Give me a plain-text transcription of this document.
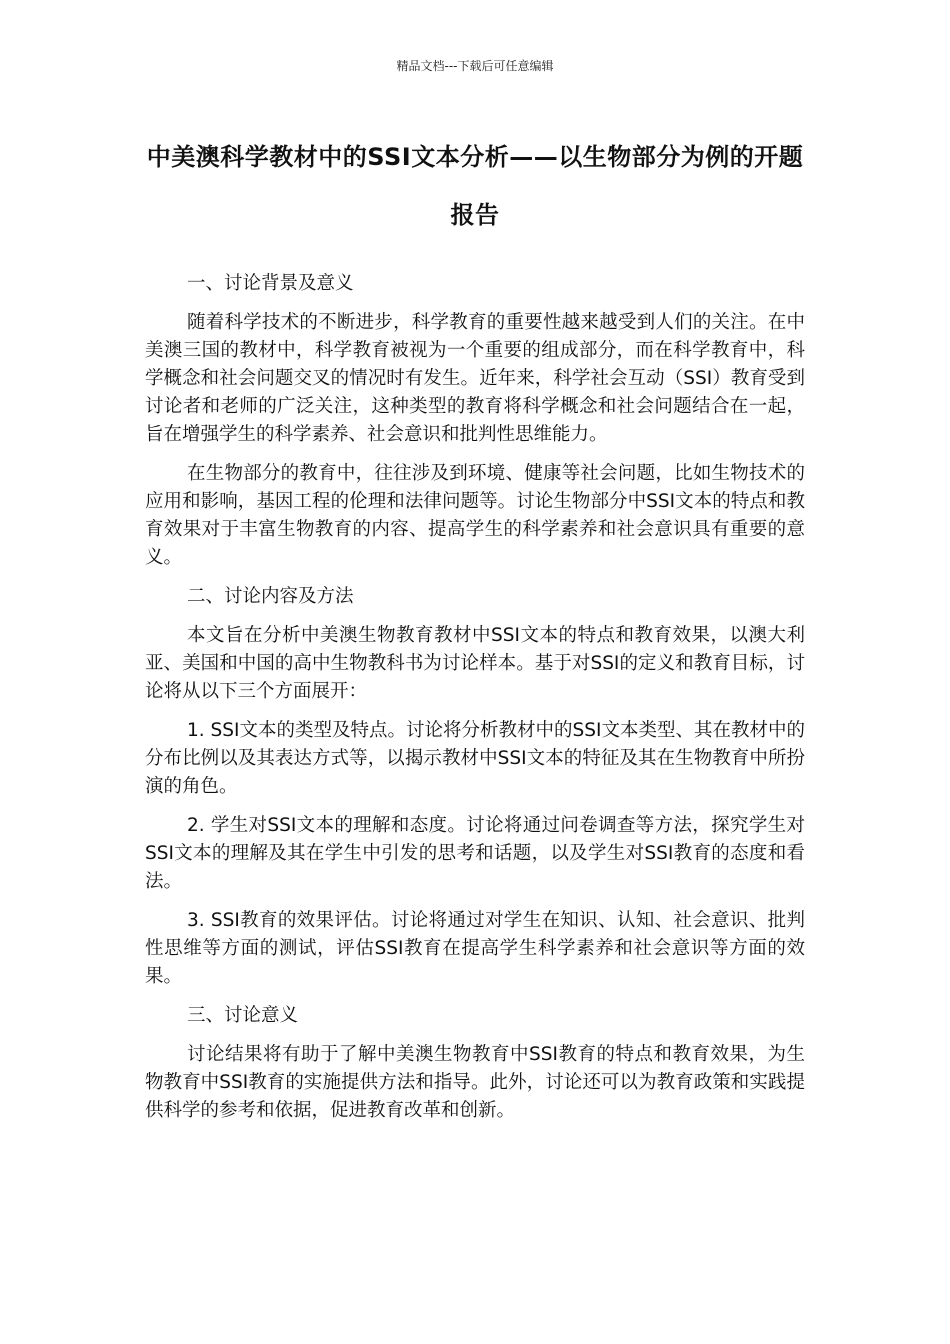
精品文档---下载后可任意编辑
中美澳科学教材中的SSI文本分析——以生物部分为例的开题报告
一、讨论背景及意义

随着科学技术的不断进步，科学教育的重要性越来越受到人们的关注。在中美澳三国的教材中，科学教育被视为一个重要的组成部分，而在科学教育中，科学概念和社会问题交叉的情况时有发生。近年来，科学社会互动（SSI）教育受到讨论者和老师的广泛关注，这种类型的教育将科学概念和社会问题结合在一起，旨在增强学生的科学素养、社会意识和批判性思维能力。

在生物部分的教育中，往往涉及到环境、健康等社会问题，比如生物技术的应用和影响，基因工程的伦理和法律问题等。讨论生物部分中SSI文本的特点和教育效果对于丰富生物教育的内容、提高学生的科学素养和社会意识具有重要的意义。

二、讨论内容及方法

本文旨在分析中美澳生物教育教材中SSI文本的特点和教育效果，以澳大利亚、美国和中国的高中生物教科书为讨论样本。基于对SSI的定义和教育目标，讨论将从以下三个方面展开：

1. SSI文本的类型及特点。讨论将分析教材中的SSI文本类型、其在教材中的分布比例以及其表达方式等，以揭示教材中SSI文本的特征及其在生物教育中所扮演的角色。

2. 学生对SSI文本的理解和态度。讨论将通过问卷调查等方法，探究学生对SSI文本的理解及其在学生中引发的思考和话题，以及学生对SSI教育的态度和看法。

3. SSI教育的效果评估。讨论将通过对学生在知识、认知、社会意识、批判性思维等方面的测试，评估SSI教育在提高学生科学素养和社会意识等方面的效果。

三、讨论意义

讨论结果将有助于了解中美澳生物教育中SSI教育的特点和教育效果，为生物教育中SSI教育的实施提供方法和指导。此外，讨论还可以为教育政策和实践提供科学的参考和依据，促进教育改革和创新。
